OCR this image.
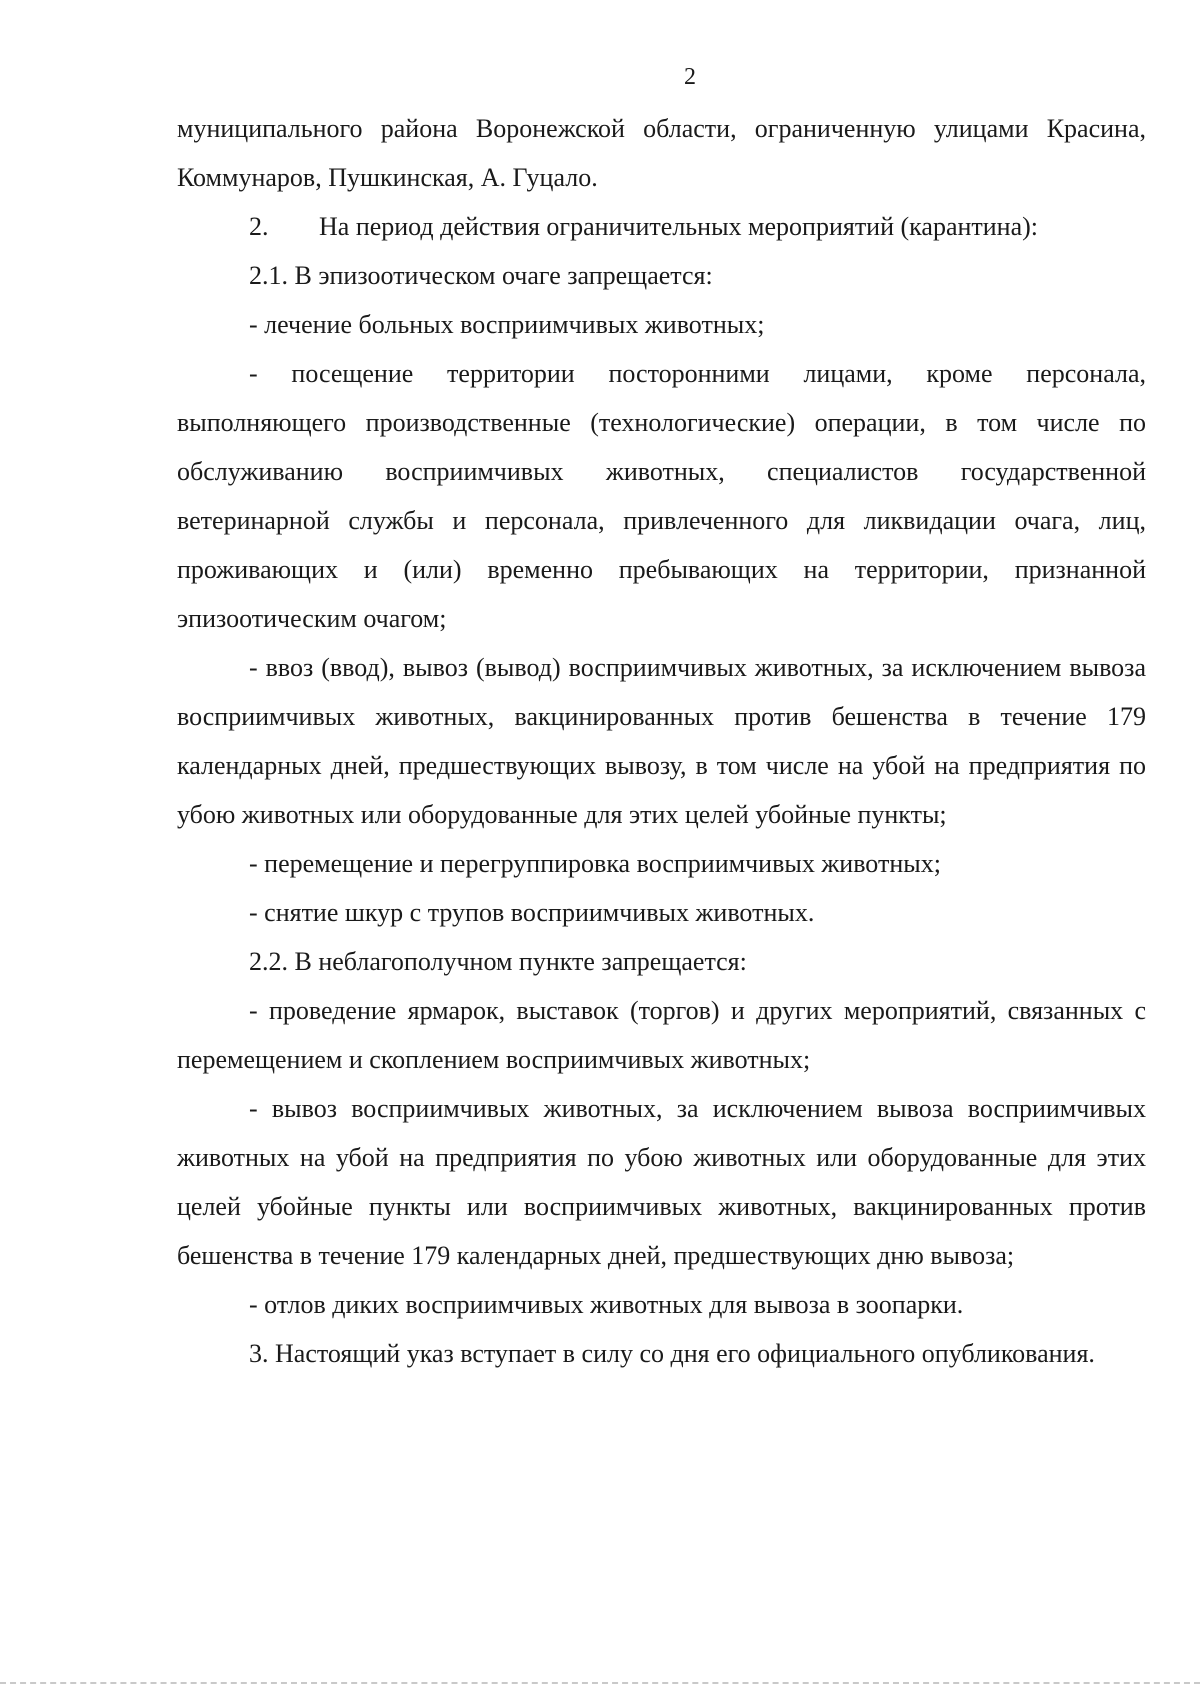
2

муниципального района Воронежской области, ограниченную улицами Красина, Коммунаров, Пушкинская, А. Гуцало.

2. На период действия ограничительных мероприятий (карантина):

2.1. В эпизоотическом очаге запрещается:

- лечение больных восприимчивых животных;

- посещение территории посторонними лицами, кроме персонала, выполняющего производственные (технологические) операции, в том числе по обслуживанию восприимчивых животных, специалистов государственной ветеринарной службы и персонала, привлеченного для ликвидации очага, лиц, проживающих и (или) временно пребывающих на территории, признанной эпизоотическим очагом;

- ввоз (ввод), вывоз (вывод) восприимчивых животных, за исключением вывоза восприимчивых животных, вакцинированных против бешенства в течение 179 календарных дней, предшествующих вывозу, в том числе на убой на предприятия по убою животных или оборудованные для этих целей убойные пункты;

- перемещение и перегруппировка восприимчивых животных;

- снятие шкур с трупов восприимчивых животных.

2.2. В неблагополучном пункте запрещается:

- проведение ярмарок, выставок (торгов) и других мероприятий, связанных с перемещением и скоплением восприимчивых животных;

- вывоз восприимчивых животных, за исключением вывоза восприимчивых животных на убой на предприятия по убою животных или оборудованные для этих целей убойные пункты или восприимчивых животных, вакцинированных против бешенства в течение 179 календарных дней, предшествующих дню вывоза;

- отлов диких восприимчивых животных для вывоза в зоопарки.

3. Настоящий указ вступает в силу со дня его официального опубликования.
